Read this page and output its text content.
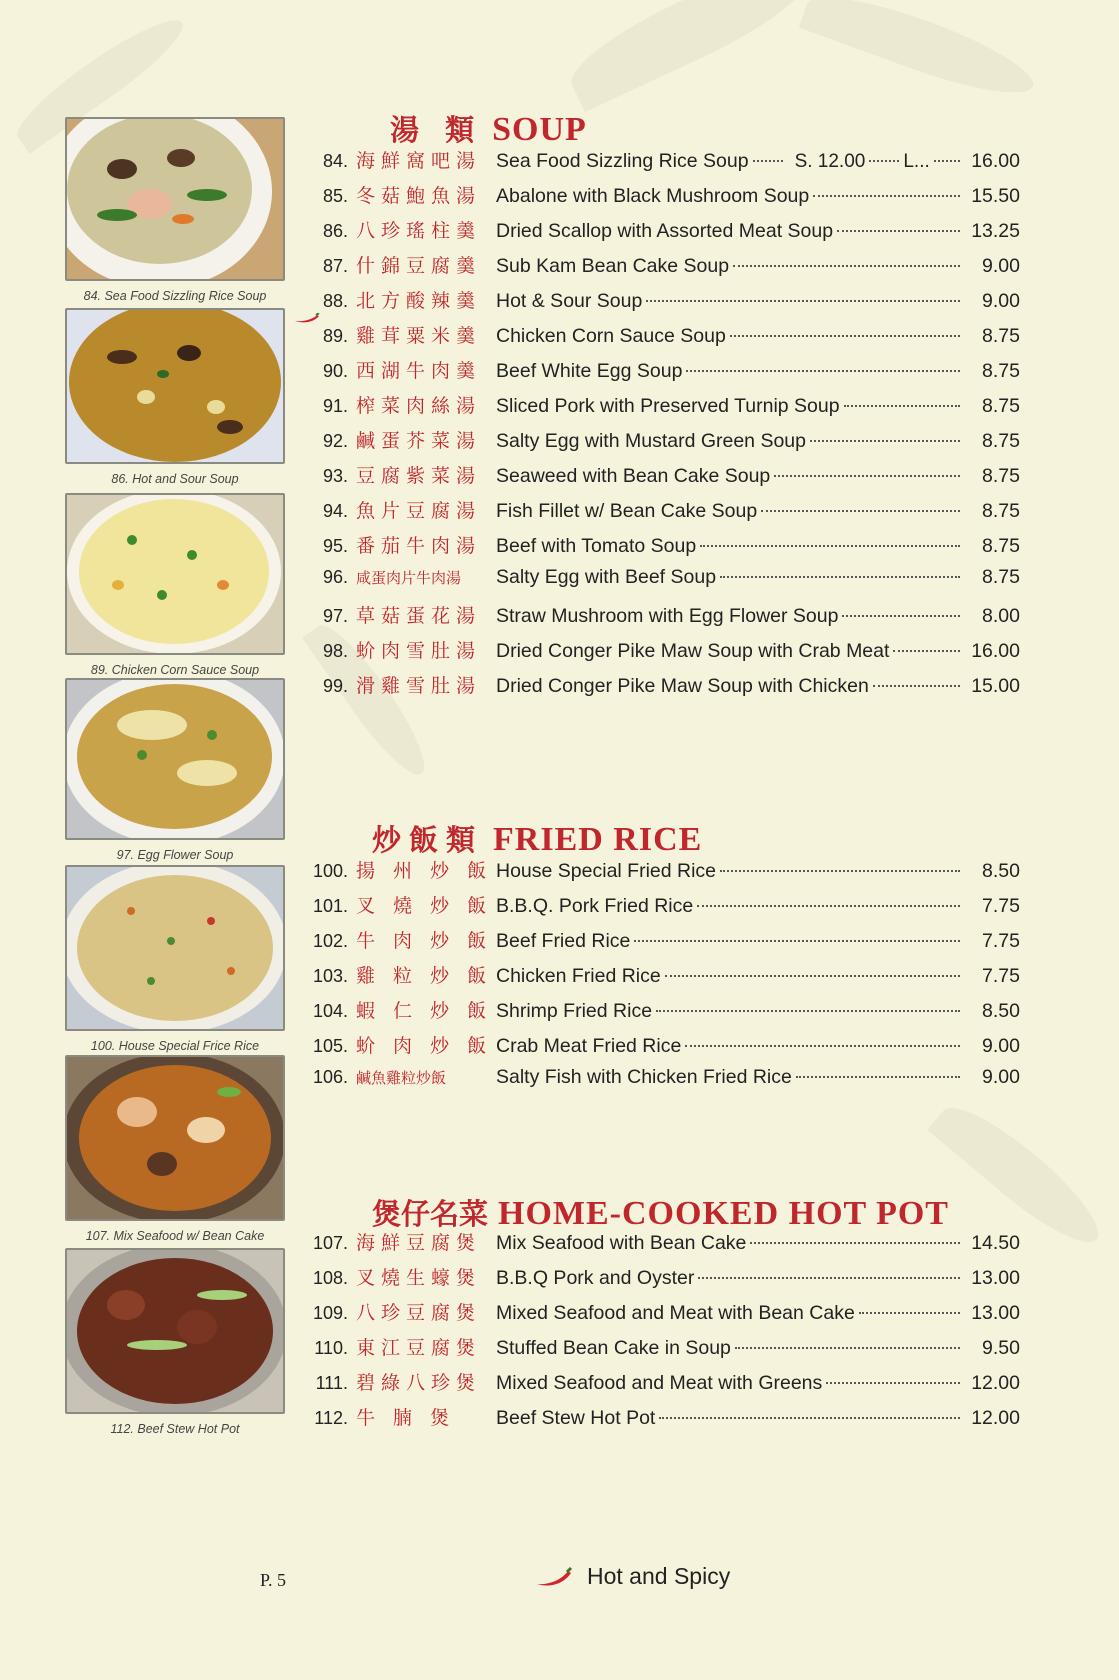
84. Sea Food Sizzling Rice Soup
86. Hot and Sour Soup
89. Chicken Corn Sauce Soup
97. Egg Flower Soup
100. House Special Frice Rice
107. Mix Seafood w/ Bean Cake
112. Beef Stew Hot Pot
湯 類 SOUP
84. 海鮮窩吧湯 Sea Food Sizzling Rice Soup S. 12.00 L...	16.00
85. 冬菇鮑魚湯 Abalone with Black Mushroom Soup	15.50
86. 八珍瑤柱羹 Dried Scallop with Assorted Meat Soup	13.25
87. 什錦豆腐羹 Sub Kam Bean Cake Soup	9.00
88. 北方酸辣羹 Hot & Sour Soup	9.00
89. 雞茸粟米羹 Chicken Corn Sauce Soup	8.75
90. 西湖牛肉羹 Beef White Egg Soup	8.75
91. 榨菜肉絲湯 Sliced Pork with Preserved Turnip Soup	8.75
92. 鹹蛋芥菜湯 Salty Egg with Mustard Green Soup	8.75
93. 豆腐紫菜湯 Seaweed with Bean Cake Soup	8.75
94. 魚片豆腐湯 Fish Fillet w/ Bean Cake Soup	8.75
95. 番茄牛肉湯 Beef with Tomato Soup	8.75
96. 咸蛋肉片牛肉湯	Salty Egg with Beef Soup	8.75
97. 草菇蛋花湯 Straw Mushroom with Egg Flower Soup	8.00
98. 蚧肉雪肚湯 Dried Conger Pike Maw Soup with Crab Meat	16.00
99. 滑雞雪肚湯 Dried Conger Pike Maw Soup with Chicken	15.00
炒飯類 FRIED RICE
100. 揚 州 炒 飯 House Special Fried Rice	8.50
101. 叉 燒 炒 飯 B.B.Q. Pork Fried Rice	7.75
102. 牛 肉 炒 飯 Beef Fried Rice	7.75
103. 雞 粒 炒 飯 Chicken Fried Rice	7.75
104. 蝦 仁 炒 飯 Shrimp Fried Rice	8.50
105. 蚧 肉 炒 飯 Crab Meat Fried Rice	9.00
106. 鹹魚雞粒炒飯	Salty Fish with Chicken Fried Rice	9.00
煲仔名菜 HOME-COOKED HOT POT
107. 海鮮豆腐煲 Mix Seafood with Bean Cake	14.50
108. 叉燒生蠔煲 B.B.Q Pork and Oyster	13.00
109. 八珍豆腐煲 Mixed Seafood and Meat with Bean Cake	13.00
110. 東江豆腐煲 Stuffed Bean Cake in Soup	9.50
111. 碧綠八珍煲 Mixed Seafood and Meat with Greens	12.00
112. 牛 腩 煲	Beef Stew Hot Pot	12.00
P. 5	Hot and Spicy
